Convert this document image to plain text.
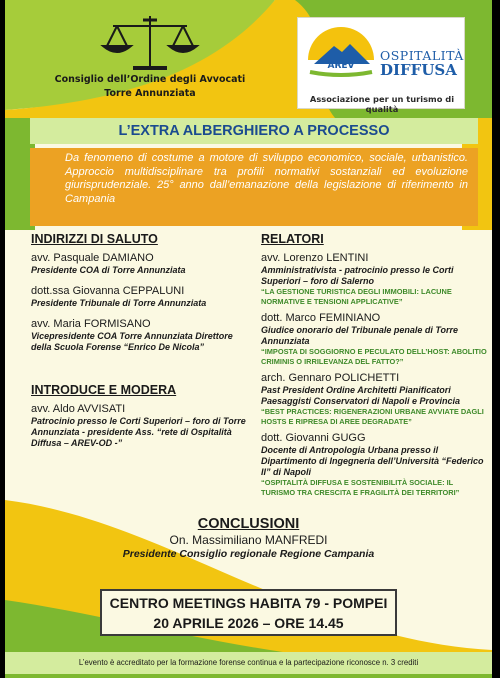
Consiglio dell’Ordine degli Avvocati
Torre Annunziata
AREV
OSPITALITÀ
DIFFUSA
Associazione per un turismo di qualità
L’EXTRA ALBERGHIERO A PROCESSO
Da fenomeno di costume a motore di sviluppo economico, sociale, urbanistico. Approccio multidisciplinare tra profili normativi sostanziali ed evoluzione giurisprudenziale. 25° anno dall’emanazione della legislazione di riferimento in Campania
INDIRIZZI DI SALUTO
avv. Pasquale DAMIANO
Presidente COA di Torre Annunziata
dott.ssa Giovanna CEPPALUNI
Presidente Tribunale di Torre Annunziata
avv. Maria FORMISANO
Vicepresidente COA Torre Annunziata Direttore della Scuola Forense “Enrico De Nicola”
INTRODUCE E MODERA
avv. Aldo AVVISATI
Patrocinio presso le Corti Superiori – foro di Torre Annunziata - presidente Ass. “rete di Ospitalità Diffusa – AREV-OD -”
RELATORI
avv. Lorenzo LENTINI
Amministrativista - patrocinio presso le Corti Superiori – foro di Salerno
“LA GESTIONE TURISTICA DEGLI IMMOBILI: LACUNE NORMATIVE E TENSIONI APPLICATIVE”
dott. Marco FEMINIANO
Giudice onorario del Tribunale penale di Torre Annunziata
“IMPOSTA DI SOGGIORNO E PECULATO DELL’HOST: ABOLITIO CRIMINIS O IRRILEVANZA DEL FATTO?”
arch. Gennaro POLICHETTI
Past President Ordine Architetti Pianificatori Paesaggisti Conservatori di Napoli e Provincia
“BEST PRACTICES: RIGENERAZIONI URBANE AVVIATE DAGLI HOSTS E RIPRESA DI AREE DEGRADATE”
dott. Giovanni GUGG
Docente di Antropologia Urbana presso il Dipartimento di Ingegneria dell’Università “Federico II” di Napoli
“OSPITALITÀ DIFFUSA E SOSTENIBILITÀ SOCIALE: IL TURISMO TRA CRESCITA E FRAGILITÀ DEI TERRITORI”
CONCLUSIONI
On. Massimiliano MANFREDI
Presidente Consiglio regionale Regione Campania
CENTRO MEETINGS HABITA 79 - POMPEI
20 APRILE 2026 – ORE 14.45
L’evento è accreditato per la formazione forense continua e la partecipazione riconosce n. 3 crediti
